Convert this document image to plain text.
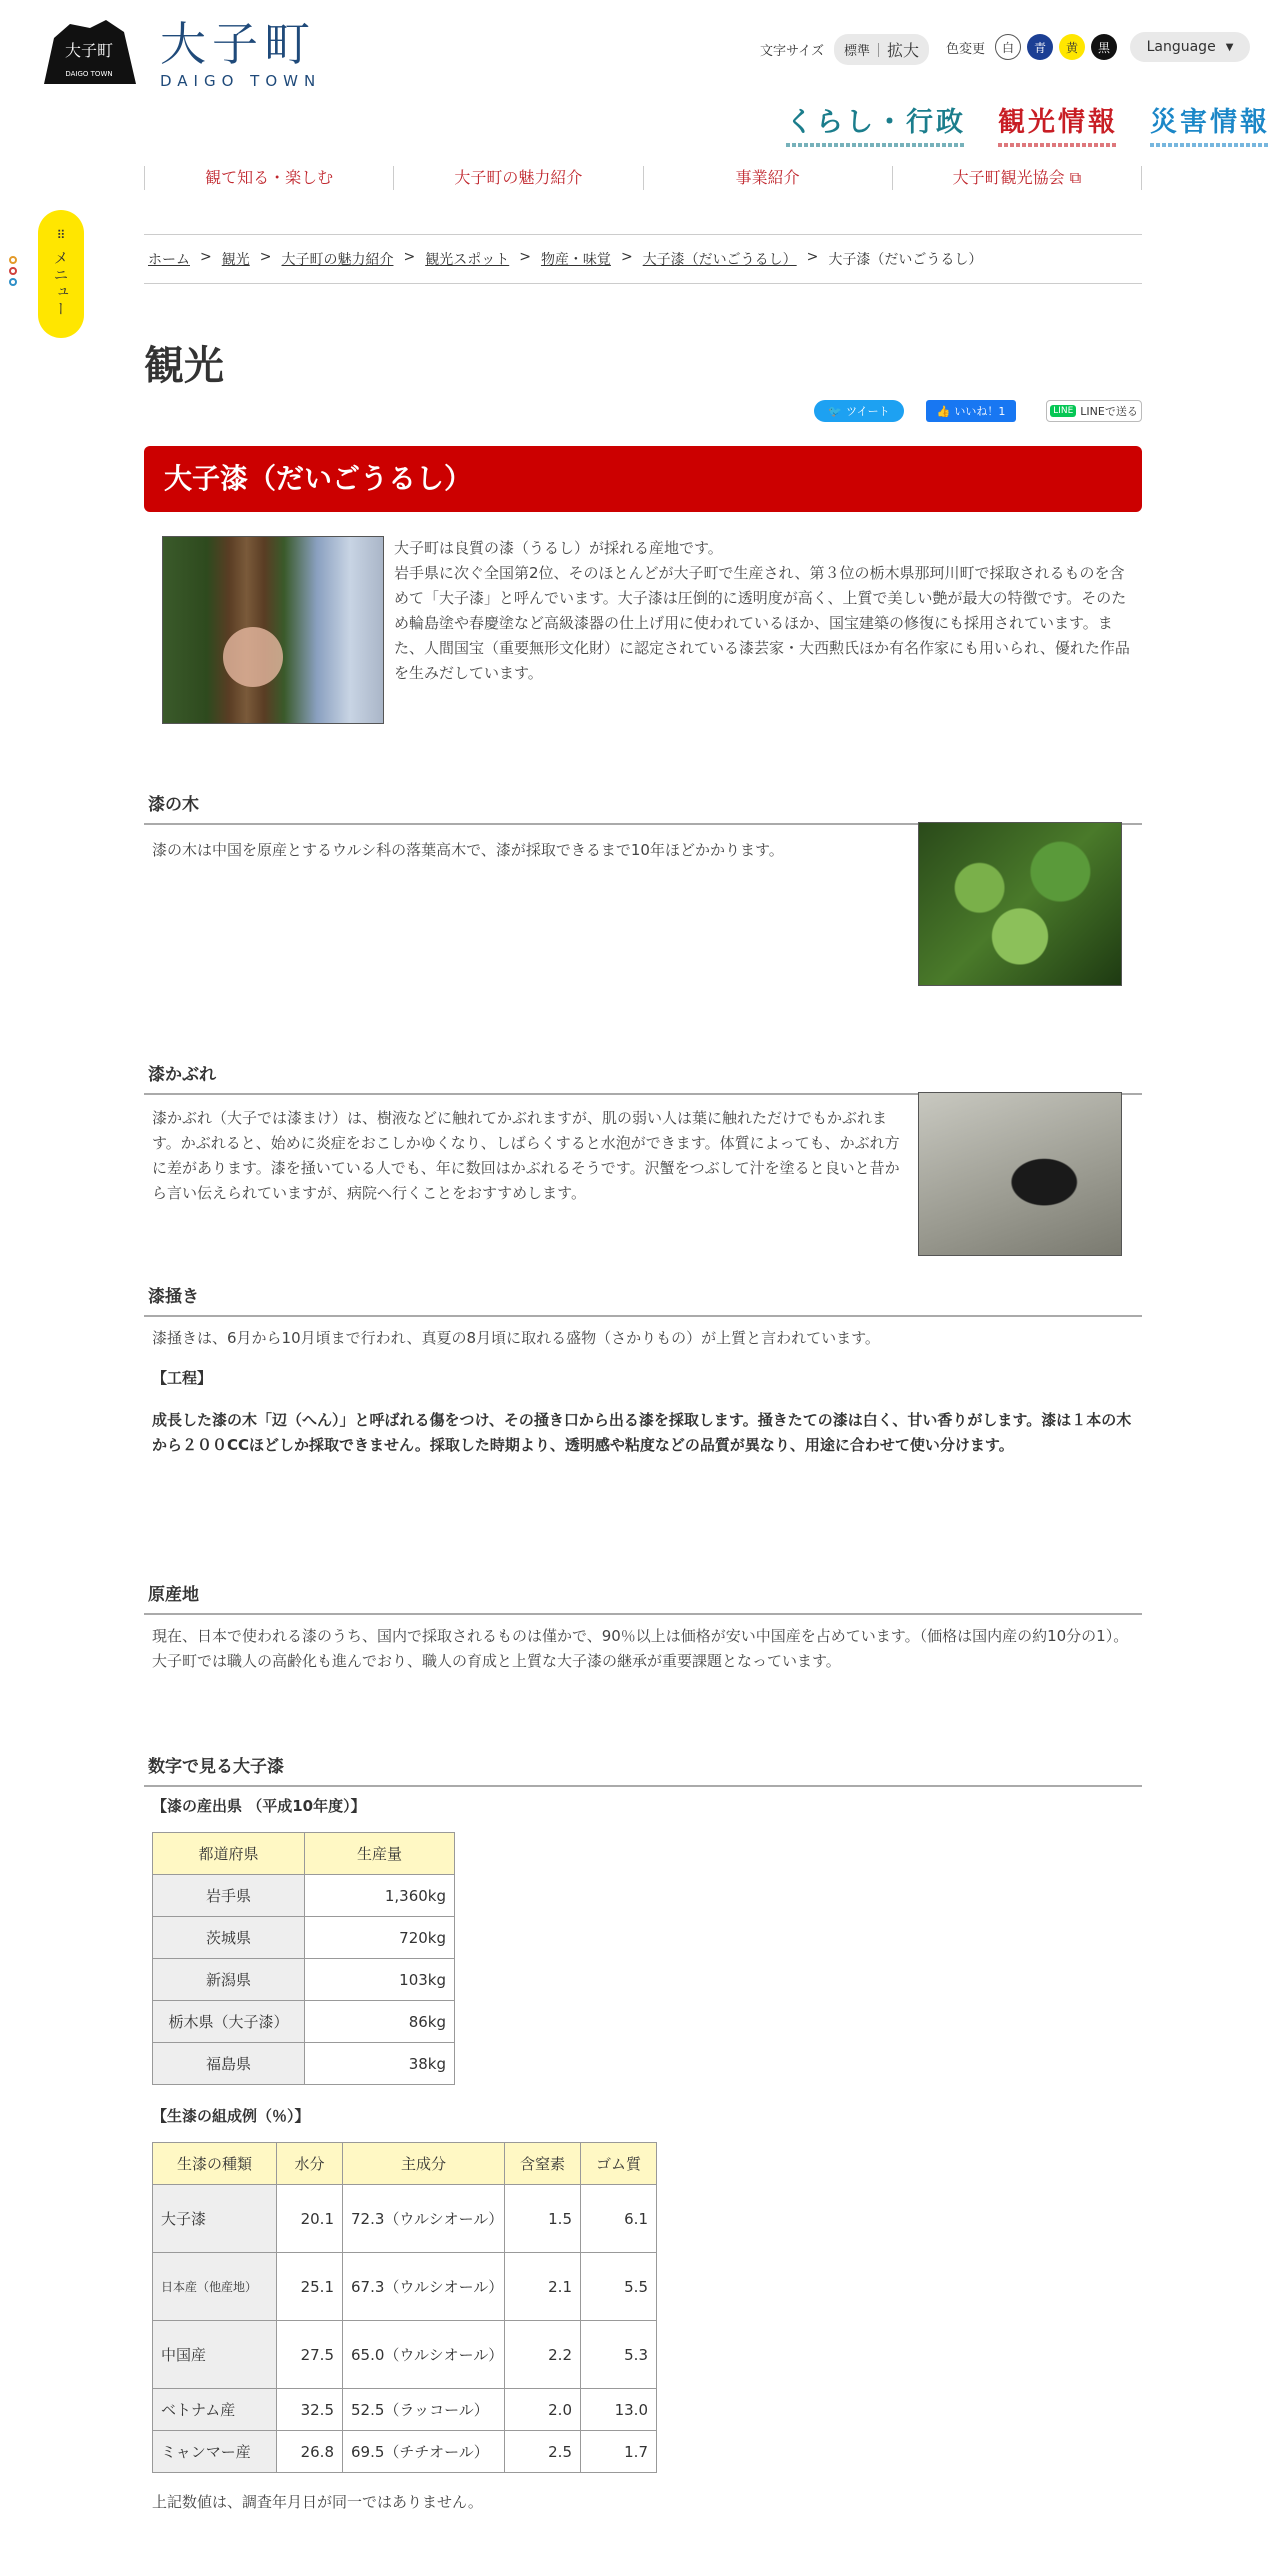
大子町
DAIGO TOWN
大子町
DAIGO TOWN
文字サイズ 標準 拡大 色変更	白	青	黄	黒	Language ▼
くらし・行政 観光情報 災害情報
観て知る・楽しむ	大子町の魅力紹介	事業紹介	大子町観光協会 ⧉
⠿
メニュー	ホーム > 観光 > 大子町の魅力紹介 > 観光スポット > 物産・味覚 > 大子漆（だいごうるし） > 大子漆（だいごうるし）
観光
🐦 ツイート	👍 いいね！1	LINE LINEで送る
大子漆（だいごうるし）

大子町は良質の漆（うるし）が採れる産地です。

岩手県に次ぐ全国第2位、そのほとんどが大子町で生産され、第３位の栃木県那珂川町で採取されるものを含めて「大子漆」と呼んでいます。大子漆は圧倒的に透明度が高く、上質で美しい艶が最大の特徴です。そのため輪島塗や春慶塗など高級漆器の仕上げ用に使われているほか、国宝建築の修復にも採用されています。また、人間国宝（重要無形文化財）に認定されている漆芸家・大西勲氏ほか有名作家にも用いられ、優れた作品を生みだしています。

漆の木

漆の木は中国を原産とするウルシ科の落葉高木で、漆が採取できるまで10年ほどかかります。

漆かぶれ

漆かぶれ（大子では漆まけ）は、樹液などに触れてかぶれますが、肌の弱い人は葉に触れただけでもかぶれます。かぶれると、始めに炎症をおこしかゆくなり、しばらくすると水泡ができます。体質によっても、かぶれ方に差があります。漆を掻いている人でも、年に数回はかぶれるそうです。沢蟹をつぶして汁を塗ると良いと昔から言い伝えられていますが、病院へ行くことをおすすめします。

漆掻き

漆掻きは、6月から10月頃まで行われ、真夏の8月頃に取れる盛物（さかりもの）が上質と言われています。

【工程】

成長した漆の木「辺（へん）」と呼ばれる傷をつけ、その掻き口から出る漆を採取します。掻きたての漆は白く、甘い香りがします。漆は１本の木から２００CCほどしか採取できません。採取した時期より、透明感や粘度などの品質が異なり、用途に合わせて使い分けます。

原産地

現在、日本で使われる漆のうち、国内で採取されるものは僅かで、90％以上は価格が安い中国産を占めています。（価格は国内産の約10分の1）。

大子町では職人の高齢化も進んでおり、職人の育成と上質な大子漆の継承が重要課題となっています。

数字で見る大子漆

【漆の産出県 （平成10年度）】

都道府県	生産量
岩手県	1,360kg
茨城県	720kg
新潟県	103kg
栃木県（大子漆）	86kg
福島県	38kg

【生漆の組成例（％）】

生漆の種類	水分	主成分	含窒素	ゴム質
大子漆	20.1	72.3（ウルシオール）	1.5	6.1
日本産（他産地）	25.1	67.3（ウルシオール）	2.1	5.5
中国産	27.5	65.0（ウルシオール）	2.2	5.3
ベトナム産	32.5	52.5（ラッコール）	2.0	13.0
ミャンマー産	26.8	69.5（チチオール）	2.5	1.7

上記数値は、調査年月日が同一ではありません。
